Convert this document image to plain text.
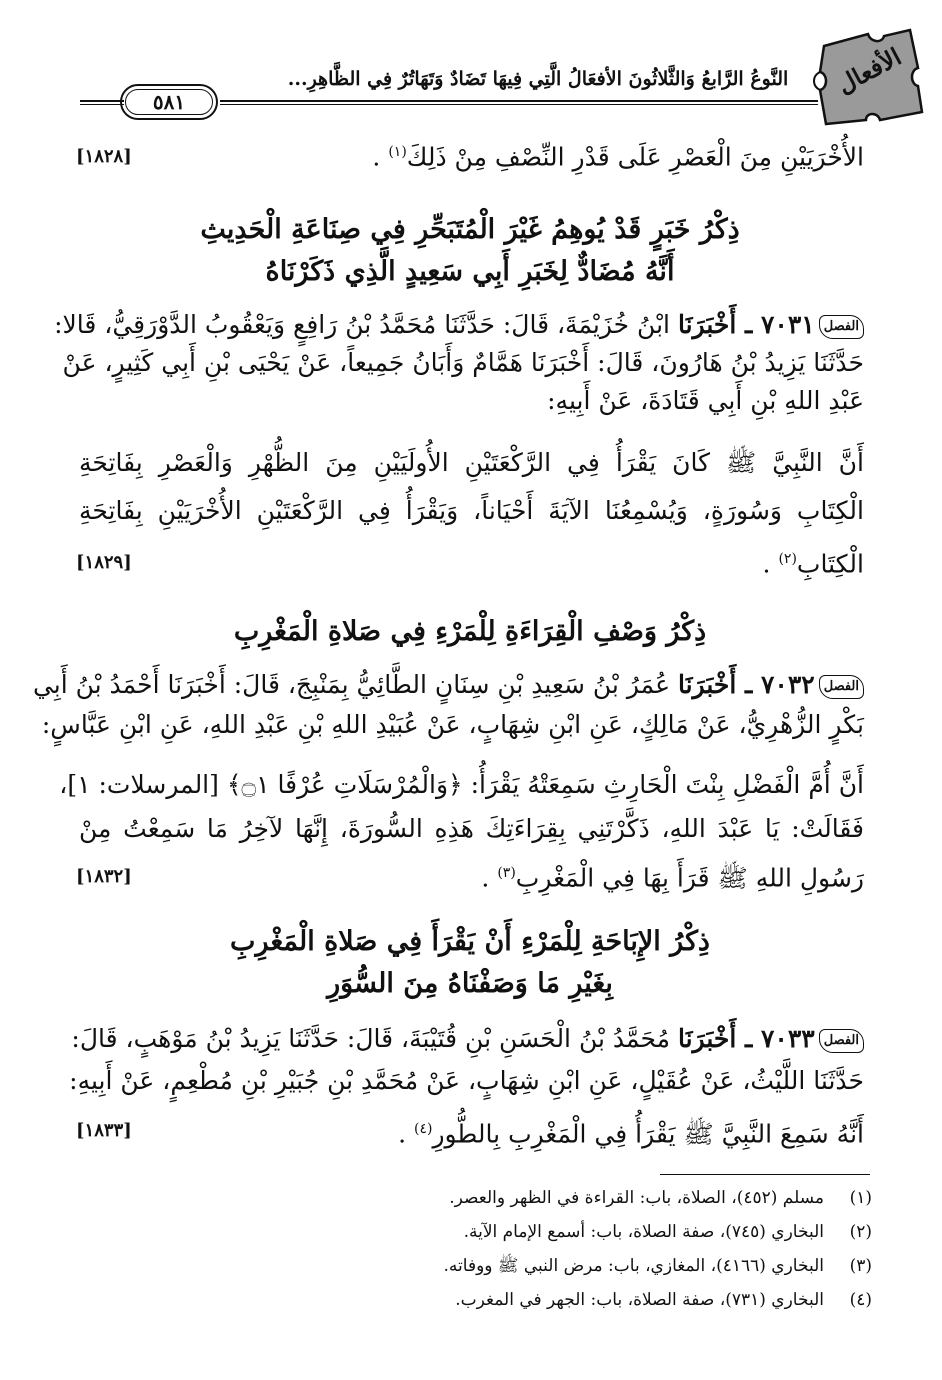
الأفعال
النَّوعُ الرَّابعُ وَالثَّلاثُونَ الأفعَالُ الَّتِي فِيهَا تَضَادٌ وَتَهَاتُرٌ فِي الظَّاهِرِ...
٥٨١
الأُخْرَيَيْنِ مِنَ الْعَصْرِ عَلَى قَدْرِ النِّصْفِ مِنْ ذَلِكَ$^{(١)}$ .
[١٨٢٨]
ذِكْرُ خَبَرٍ قَدْ يُوهِمُ غَيْرَ الْمُتَبَحِّرِ فِي صِنَاعَةِ الْحَدِيثِ
أَنَّهُ مُضَادٌّ لِخَبَرِ أَبِي سَعِيدٍ الَّذِي ذَكَرْنَاهُ
الفصل٧٠٣١ ـ أَخْبَرَنَا ابْنُ خُزَيْمَةَ، قَالَ: حَدَّثَنَا مُحَمَّدُ بْنُ رَافِعٍ وَيَعْقُوبُ الدَّوْرَقِيُّ، قَالا:
حَدَّثَنَا يَزِيدُ بْنُ هَارُونَ، قَالَ: أَخْبَرَنَا هَمَّامٌ وَأَبَانُ جَمِيعاً، عَنْ يَحْيَى بْنِ أَبِي كَثِيرٍ، عَنْ
عَبْدِ اللهِ بْنِ أَبِي قَتَادَةَ، عَنْ أَبِيهِ:
أَنَّ النَّبِيَّ ﷺ كَانَ يَقْرَأُ فِي الرَّكْعَتَيْنِ الأُولَيَيْنِ مِنَ الظُّهْرِ وَالْعَصْرِ بِفَاتِحَةِ
الْكِتَابِ وَسُورَةٍ، وَيُسْمِعُنَا الآيَةَ أَحْيَاناً، وَيَقْرَأُ فِي الرَّكْعَتَيْنِ الأُخْرَيَيْنِ بِفَاتِحَةِ
الْكِتَابِ$^{(٢)}$ .
[١٨٢٩]
ذِكْرُ وَصْفِ الْقِرَاءَةِ لِلْمَرْءِ فِي صَلاةِ الْمَغْرِبِ
الفصل٧٠٣٢ ـ أَخْبَرَنَا عُمَرُ بْنُ سَعِيدِ بْنِ سِنَانٍ الطَّائِيُّ بِمَنْبِجَ، قَالَ: أَخْبَرَنَا أَحْمَدُ بْنُ أَبِي
بَكْرٍ الزُّهْرِيُّ، عَنْ مَالِكٍ، عَنِ ابْنِ شِهَابٍ، عَنْ عُبَيْدِ اللهِ بْنِ عَبْدِ اللهِ، عَنِ ابْنِ عَبَّاسٍ:
أَنَّ أُمَّ الْفَضْلِ بِنْتَ الْحَارِثِ سَمِعَتْهُ يَقْرَأُ: ﴿وَالْمُرْسَلَاتِ عُرْفًا ۝١﴾ [المرسلات: ١]،
فَقَالَتْ: يَا عَبْدَ اللهِ، ذَكَّرْتَنِي بِقِرَاءَتِكَ هَذِهِ السُّورَةَ، إِنَّهَا لآخِرُ مَا سَمِعْتُ مِنْ
رَسُولِ اللهِ ﷺ قَرَأَ بِهَا فِي الْمَغْرِبِ$^{(٣)}$ .
[١٨٣٢]
ذِكْرُ الإِبَاحَةِ لِلْمَرْءِ أَنْ يَقْرَأَ فِي صَلاةِ الْمَغْرِبِ
بِغَيْرِ مَا وَصَفْنَاهُ مِنَ السُّوَرِ
الفصل٧٠٣٣ ـ أَخْبَرَنَا مُحَمَّدُ بْنُ الْحَسَنِ بْنِ قُتَيْبَةَ، قَالَ: حَدَّثَنَا يَزِيدُ بْنُ مَوْهَبٍ، قَالَ:
حَدَّثَنَا اللَّيْثُ، عَنْ عُقَيْلٍ، عَنِ ابْنِ شِهَابٍ، عَنْ مُحَمَّدِ بْنِ جُبَيْرِ بْنِ مُطْعِمٍ، عَنْ أَبِيهِ:
أَنَّهُ سَمِعَ النَّبِيَّ ﷺ يَقْرَأُ فِي الْمَغْرِبِ بِالطُّورِ$^{(٤)}$ .
[١٨٣٣]
(١)مسلم (٤٥٢)، الصلاة، باب: القراءة في الظهر والعصر.
(٢)البخاري (٧٤٥)، صفة الصلاة، باب: أسمع الإمام الآية.
(٣)البخاري (٤١٦٦)، المغازي، باب: مرض النبي ﷺ ووفاته.
(٤)البخاري (٧٣١)، صفة الصلاة، باب: الجهر في المغرب.
